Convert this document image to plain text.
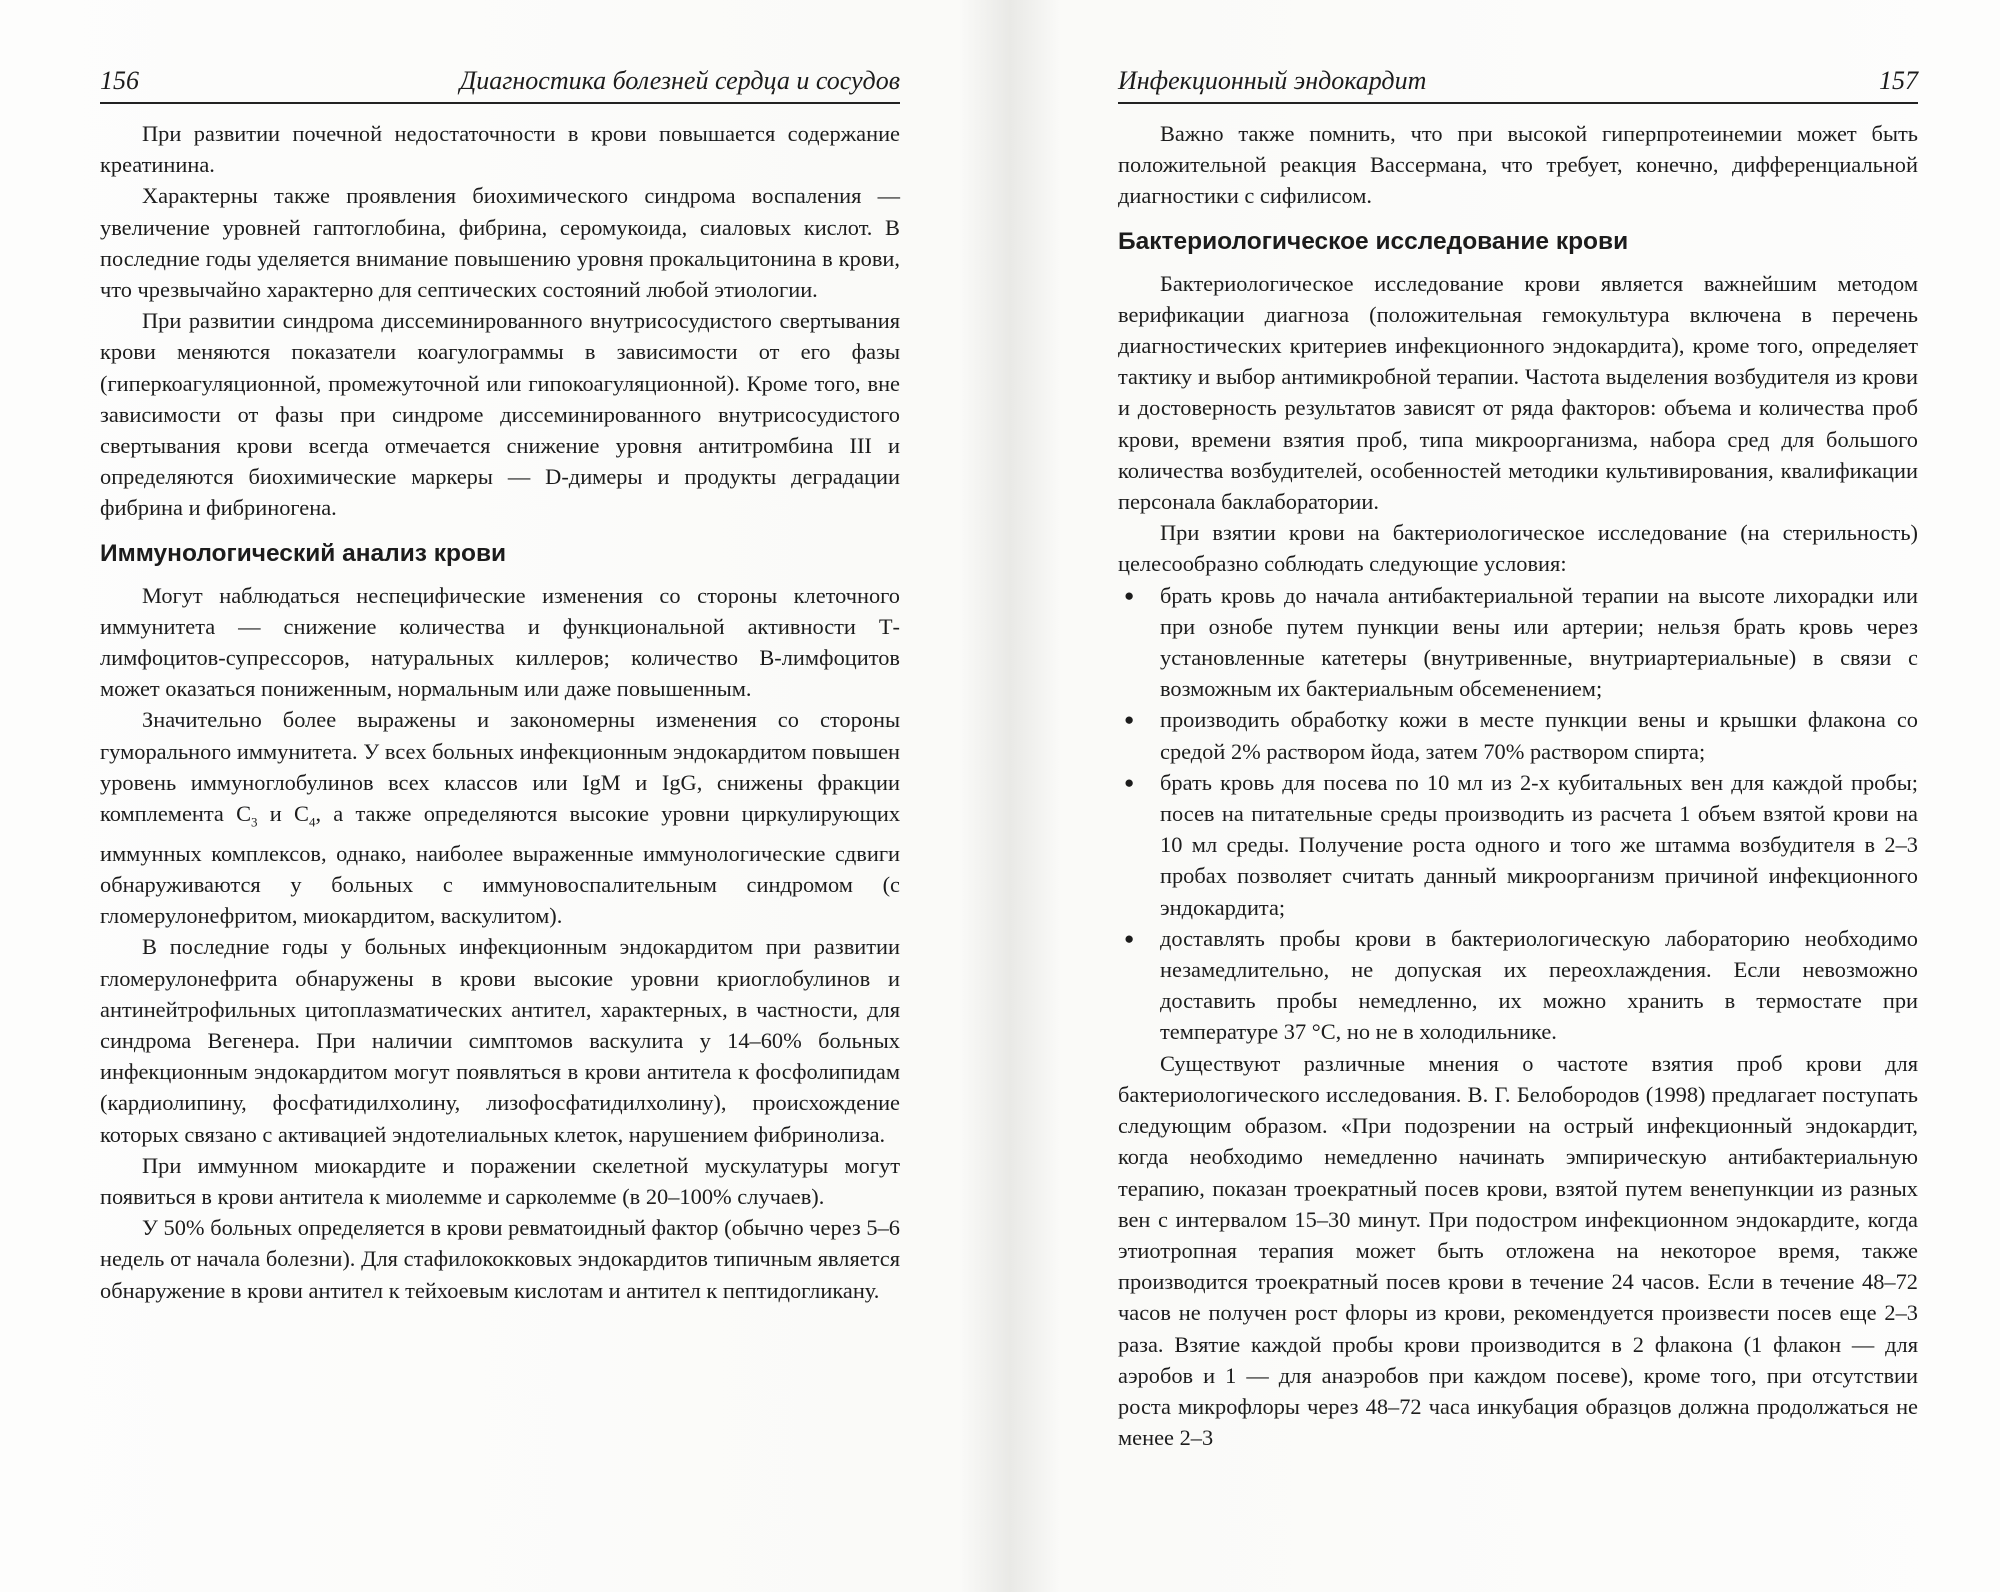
156	Диагностика болезней сердца и сосудов

При развитии почечной недостаточности в крови повышается содержание креатинина.

Характерны также проявления биохимического синдрома воспаления — увеличение уровней гаптоглобина, фибрина, серомукоида, сиаловых кислот. В последние годы уделяется внимание повышению уровня прокальцитонина в крови, что чрезвычайно характерно для септических состояний любой этиологии.

При развитии синдрома диссеминированного внутрисосудистого свертывания крови меняются показатели коагулограммы в зависимости от его фазы (гиперкоагуляционной, промежуточной или гипокоагуляционной). Кроме того, вне зависимости от фазы при синдроме диссеминированного внутрисосудистого свертывания крови всегда отмечается снижение уровня антитромбина III и определяются биохимические маркеры — D-димеры и продукты деградации фибрина и фибриногена.

Иммунологический анализ крови

Могут наблюдаться неспецифические изменения со стороны клеточного иммунитета — снижение количества и функциональной активности Т-лимфоцитов-супрессоров, натуральных киллеров; количество В-лимфоцитов может оказаться пониженным, нормальным или даже повышенным.

Значительно более выражены и закономерны изменения со стороны гуморального иммунитета. У всех больных инфекционным эндокардитом повышен уровень иммуноглобулинов всех классов или IgM и IgG, снижены фракции комплемента $C_3$ и $C_4$, а также определяются высокие уровни циркулирующих иммунных комплексов, однако, наиболее выраженные иммунологические сдвиги обнаруживаются у больных с иммуновоспалительным синдромом (с гломерулонефритом, миокардитом, васкулитом).

В последние годы у больных инфекционным эндокардитом при развитии гломерулонефрита обнаружены в крови высокие уровни криоглобулинов и антинейтрофильных цитоплазматических антител, характерных, в частности, для синдрома Вегенера. При наличии симптомов васкулита у 14–60% больных инфекционным эндокардитом могут появляться в крови антитела к фосфолипидам (кардиолипину, фосфатидилхолину, лизофосфатидилхолину), происхождение которых связано с активацией эндотелиальных клеток, нарушением фибринолиза.

При иммунном миокардите и поражении скелетной мускулатуры могут появиться в крови антитела к миолемме и сарколемме (в 20–100% случаев).

У 50% больных определяется в крови ревматоидный фактор (обычно через 5–6 недель от начала болезни). Для стафилококковых эндокардитов типичным является обнаружение в крови антител к тейхоевым кислотам и антител к пептидогликану.

Инфекционный эндокардит	157

Важно также помнить, что при высокой гиперпротеинемии может быть положительной реакция Вассермана, что требует, конечно, дифференциальной диагностики с сифилисом.

Бактериологическое исследование крови

Бактериологическое исследование крови является важнейшим методом верификации диагноза (положительная гемокультура включена в перечень диагностических критериев инфекционного эндокардита), кроме того, определяет тактику и выбор антимикробной терапии. Частота выделения возбудителя из крови и достоверность результатов зависят от ряда факторов: объема и количества проб крови, времени взятия проб, типа микроорганизма, набора сред для большого количества возбудителей, особенностей методики культивирования, квалификации персонала баклаборатории.

При взятии крови на бактериологическое исследование (на стерильность) целесообразно соблюдать следующие условия:

● брать кровь до начала антибактериальной терапии на высоте лихорадки или при ознобе путем пункции вены или артерии; нельзя брать кровь через установленные катетеры (внутривенные, внутриартериальные) в связи с возможным их бактериальным обсеменением;
● производить обработку кожи в месте пункции вены и крышки флакона со средой 2% раствором йода, затем 70% раствором спирта;
● брать кровь для посева по 10 мл из 2-х кубитальных вен для каждой пробы; посев на питательные среды производить из расчета 1 объем взятой крови на 10 мл среды. Получение роста одного и того же штамма возбудителя в 2–3 пробах позволяет считать данный микроорганизм причиной инфекционного эндокардита;
● доставлять пробы крови в бактериологическую лабораторию необходимо незамедлительно, не допуская их переохлаждения. Если невозможно доставить пробы немедленно, их можно хранить в термостате при температуре 37 °С, но не в холодильнике.

Существуют различные мнения о частоте взятия проб крови для бактериологического исследования. В. Г. Белобородов (1998) предлагает поступать следующим образом. «При подозрении на острый инфекционный эндокардит, когда необходимо немедленно начинать эмпирическую антибактериальную терапию, показан троекратный посев крови, взятой путем венепункции из разных вен с интервалом 15–30 минут. При подостром инфекционном эндокардите, когда этиотропная терапия может быть отложена на некоторое время, также производится троекратный посев крови в течение 24 часов. Если в течение 48–72 часов не получен рост флоры из крови, рекомендуется произвести посев еще 2–3 раза. Взятие каждой пробы крови производится в 2 флакона (1 флакон — для аэробов и 1 — для анаэробов при каждом посеве), кроме того, при отсутствии роста микрофлоры через 48–72 часа инкубация образцов должна продолжаться не менее 2–3
